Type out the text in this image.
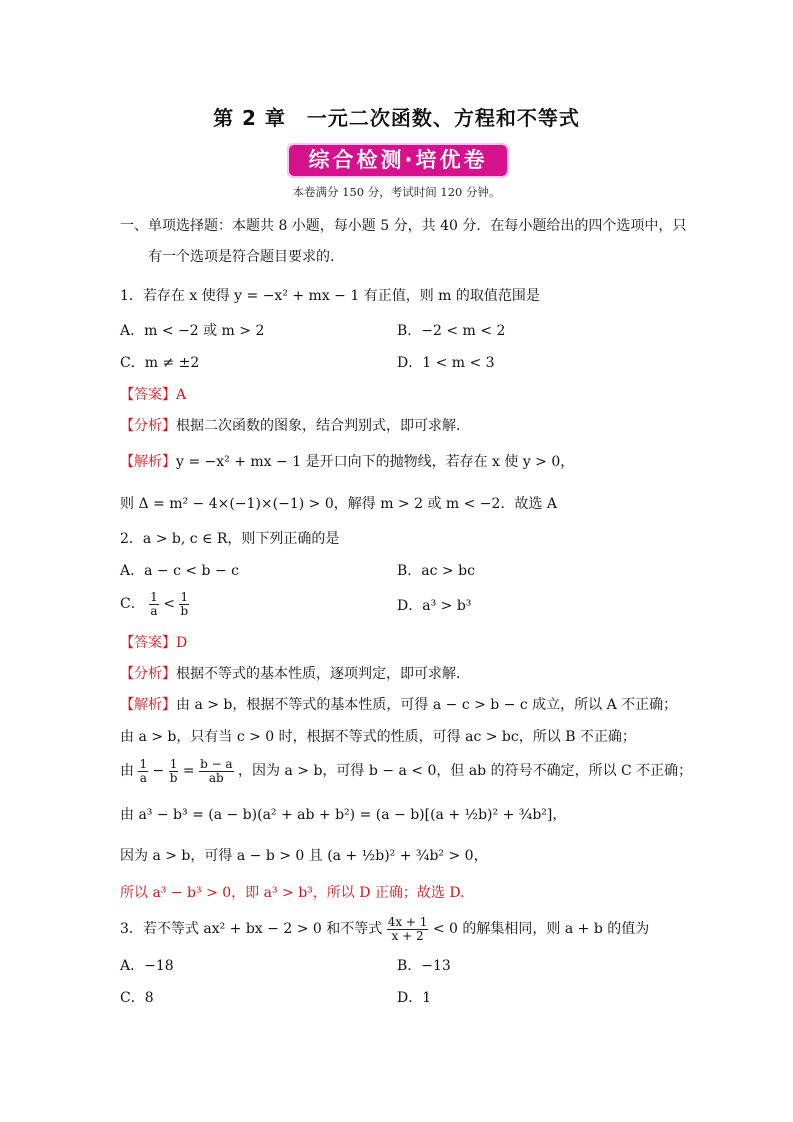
第 2 章　一元二次函数、方程和不等式
综合检测·培优卷
本卷满分 150 分，考试时间 120 分钟。
一、单项选择题：本题共 8 小题，每小题 5 分，共 40 分．在每小题给出的四个选项中，只
有一个选项是符合题目要求的.
1．若存在 x 使得 y = −x² + mx − 1 有正值，则 m 的取值范围是
A．m < −2 或 m > 2	B．−2 < m < 2
C．m ≠ ±2	D．1 < m < 3
【答案】A
【分析】根据二次函数的图象，结合判别式，即可求解．
【解析】y = −x² + mx − 1 是开口向下的抛物线，若存在 x 使 y > 0，
则 Δ = m² − 4×(−1)×(−1) > 0，解得 m > 2 或 m < −2．故选 A
2．a > b, c ∈ R，则下列正确的是
A．a − c < b − c	B．ac > bc
C． $\frac{1}{a} < \frac{1}{b}$	D．a³ > b³
【答案】D
【分析】根据不等式的基本性质，逐项判定，即可求解．
【解析】由 a > b，根据不等式的基本性质，可得 a − c > b − c 成立，所以 A 不正确；
由 a > b，只有当 c > 0 时，根据不等式的性质，可得 ac > bc，所以 B 不正确；
由 $\frac{1}{a} - \frac{1}{b} = \frac{b - a}{ab}$ ，因为 a > b，可得 b − a < 0，但 ab 的符号不确定，所以 C 不正确；
由 a³ − b³ = (a − b)(a² + ab + b²) = (a − b)[(a + ½b)² + ¾b²]，
因为 a > b，可得 a − b > 0 且 (a + ½b)² + ¾b² > 0，
所以 a³ − b³ > 0，即 a³ > b³，所以 D 正确；故选 D.
3．若不等式 ax² + bx − 2 > 0 和不等式 $\frac{4x + 1}{x + 2} < 0$ 的解集相同，则 a + b 的值为
A．−18	B．−13
C．8	D．1
